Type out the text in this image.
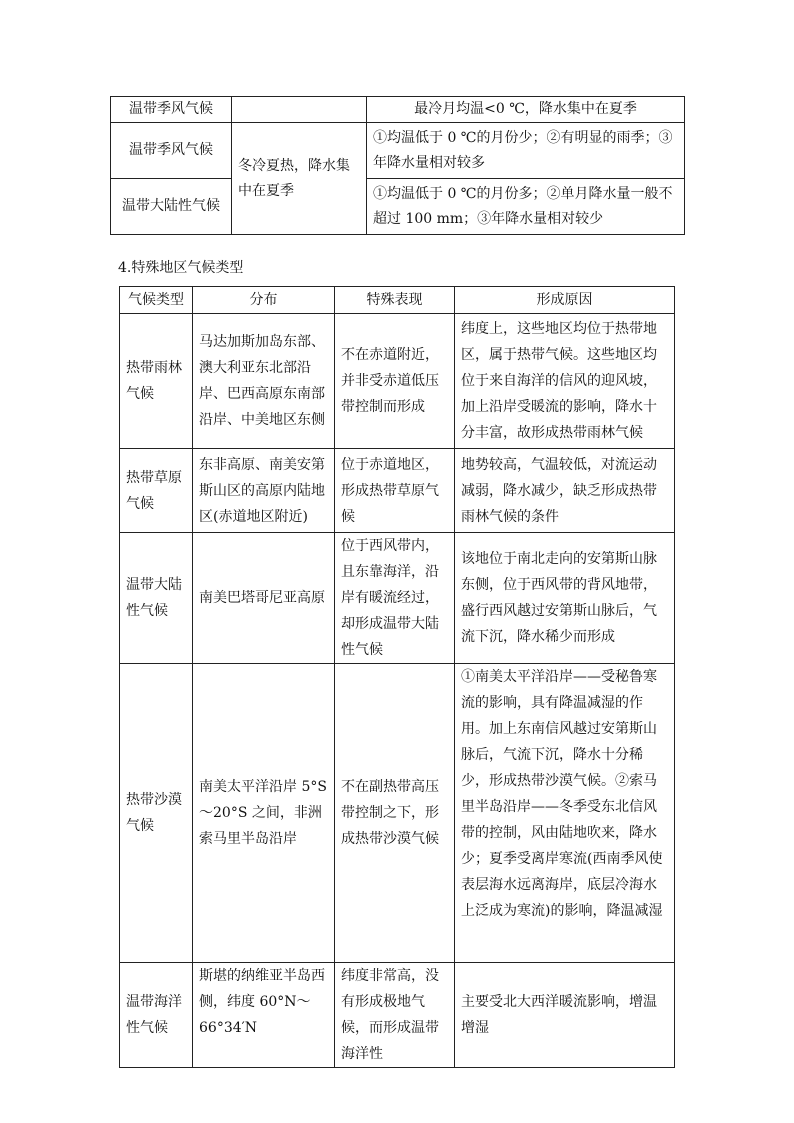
温带季风气候		最冷月均温<0 ℃，降水集中在夏季
温带季风气候	冬冷夏热，降水集中在夏季	①均温低于 0 ℃的月份少；②有明显的雨季；③年降水量相对较多
温带大陆性气候		①均温低于 0 ℃的月份多；②单月降水量一般不超过 100 mm；③年降水量相对较少
4.特殊地区气候类型
气候类型	分布	特殊表现	形成原因
热带雨林气候	马达加斯加岛东部、澳大利亚东北部沿岸、巴西高原东南部沿岸、中美地区东侧	不在赤道附近，并非受赤道低压带控制而形成	纬度上，这些地区均位于热带地区，属于热带气候。这些地区均位于来自海洋的信风的迎风坡，加上沿岸受暖流的影响，降水十分丰富，故形成热带雨林气候
热带草原气候	东非高原、南美安第斯山区的高原内陆地区(赤道地区附近)	位于赤道地区，形成热带草原气候	地势较高，气温较低，对流运动减弱，降水减少，缺乏形成热带雨林气候的条件
温带大陆性气候	南美巴塔哥尼亚高原	位于西风带内，且东靠海洋，沿岸有暖流经过，却形成温带大陆性气候	该地位于南北走向的安第斯山脉东侧，位于西风带的背风地带，盛行西风越过安第斯山脉后，气流下沉，降水稀少而形成
热带沙漠气候	南美太平洋沿岸 5°S～20°S 之间，非洲索马里半岛沿岸	不在副热带高压带控制之下，形成热带沙漠气候	①南美太平洋沿岸——受秘鲁寒流的影响，具有降温减湿的作用。加上东南信风越过安第斯山脉后，气流下沉，降水十分稀少，形成热带沙漠气候。②索马里半岛沿岸——冬季受东北信风带的控制，风由陆地吹来，降水少；夏季受离岸寒流(西南季风使表层海水远离海岸，底层冷海水上泛成为寒流)的影响，降温减湿
温带海洋性气候	斯堪的纳维亚半岛西侧，纬度 60°N～66°34′N	纬度非常高，没有形成极地气候，而形成温带海洋性	主要受北大西洋暖流影响，增温增湿
